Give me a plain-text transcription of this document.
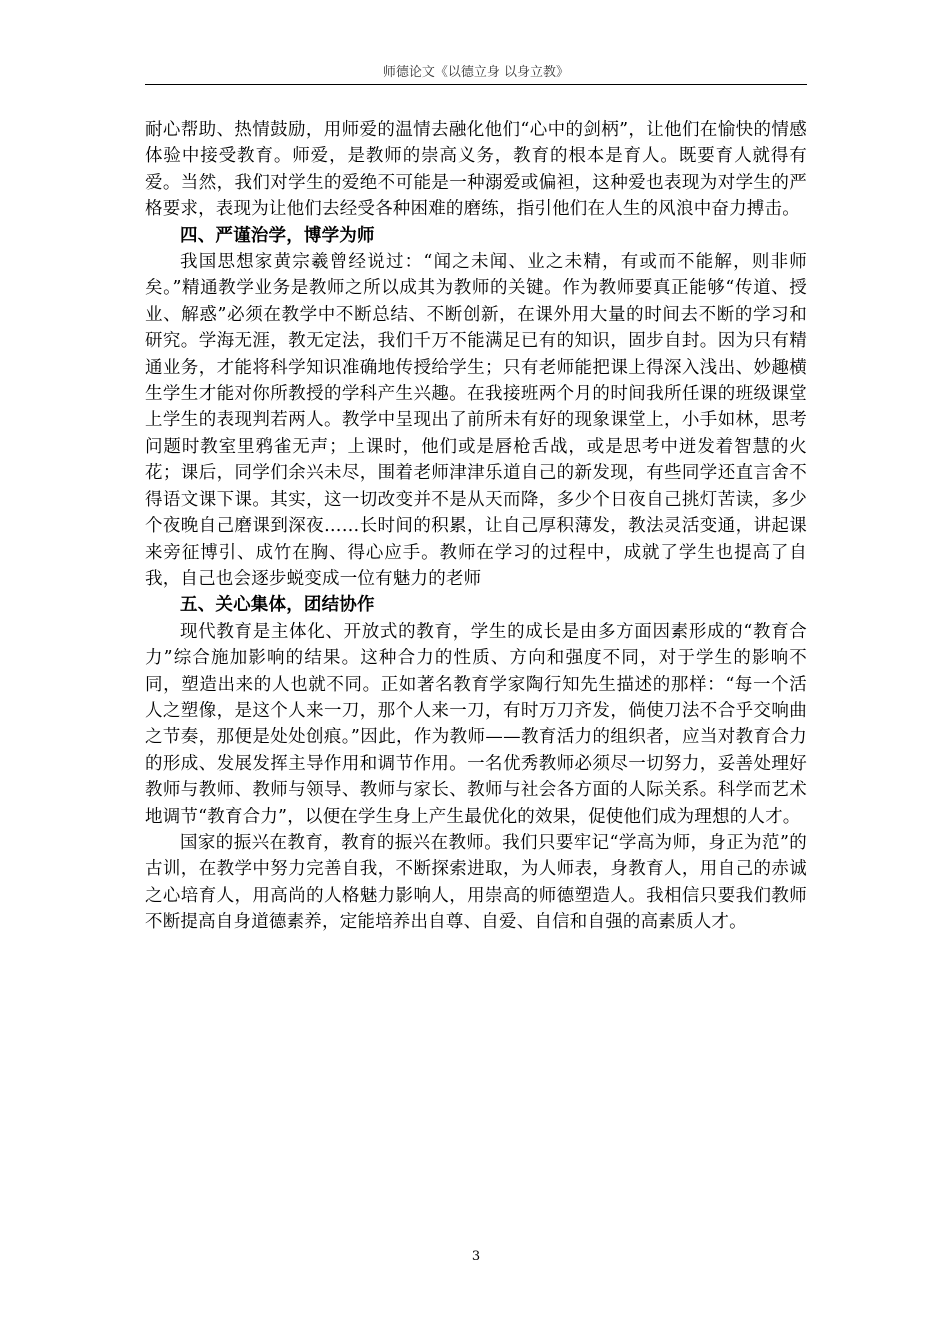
师德论文《以德立身 以身立教》

耐心帮助、热情鼓励，用师爱的温情去融化他们“心中的剑柄”，让他们在愉快的情感体验中接受教育。师爱，是教师的崇高义务，教育的根本是育人。既要育人就得有爱。当然，我们对学生的爱绝不可能是一种溺爱或偏袒，这种爱也表现为对学生的严格要求，表现为让他们去经受各种困难的磨练，指引他们在人生的风浪中奋力搏击。

四、严谨治学，博学为师

我国思想家黄宗羲曾经说过：“闻之未闻、业之未精，有或而不能解，则非师矣。”精通教学业务是教师之所以成其为教师的关键。作为教师要真正能够“传道、授业、解惑”必须在教学中不断总结、不断创新，在课外用大量的时间去不断的学习和研究。学海无涯，教无定法，我们千万不能满足已有的知识，固步自封。因为只有精通业务，才能将科学知识准确地传授给学生；只有老师能把课上得深入浅出、妙趣横生学生才能对你所教授的学科产生兴趣。在我接班两个月的时间我所任课的班级课堂上学生的表现判若两人。教学中呈现出了前所未有好的现象课堂上，小手如林，思考问题时教室里鸦雀无声；上课时，他们或是唇枪舌战，或是思考中迸发着智慧的火花；课后，同学们余兴未尽，围着老师津津乐道自己的新发现，有些同学还直言舍不得语文课下课。其实，这一切改变并不是从天而降，多少个日夜自己挑灯苦读，多少个夜晚自己磨课到深夜……长时间的积累，让自己厚积薄发，教法灵活变通，讲起课来旁征博引、成竹在胸、得心应手。教师在学习的过程中，成就了学生也提高了自我，自己也会逐步蜕变成一位有魅力的老师

五、关心集体，团结协作

现代教育是主体化、开放式的教育，学生的成长是由多方面因素形成的“教育合力”综合施加影响的结果。这种合力的性质、方向和强度不同，对于学生的影响不同，塑造出来的人也就不同。正如著名教育学家陶行知先生描述的那样：“每一个活人之塑像，是这个人来一刀，那个人来一刀，有时万刀齐发，倘使刀法不合乎交响曲之节奏，那便是处处创痕。”因此，作为教师——教育活力的组织者，应当对教育合力的形成、发展发挥主导作用和调节作用。一名优秀教师必须尽一切努力，妥善处理好教师与教师、教师与领导、教师与家长、教师与社会各方面的人际关系。科学而艺术地调节“教育合力”，以便在学生身上产生最优化的效果，促使他们成为理想的人才。

国家的振兴在教育，教育的振兴在教师。我们只要牢记“学高为师，身正为范”的古训，在教学中努力完善自我，不断探索进取，为人师表，身教育人，用自己的赤诚之心培育人，用高尚的人格魅力影响人，用崇高的师德塑造人。我相信只要我们教师不断提高自身道德素养，定能培养出自尊、自爱、自信和自强的高素质人才。

3
